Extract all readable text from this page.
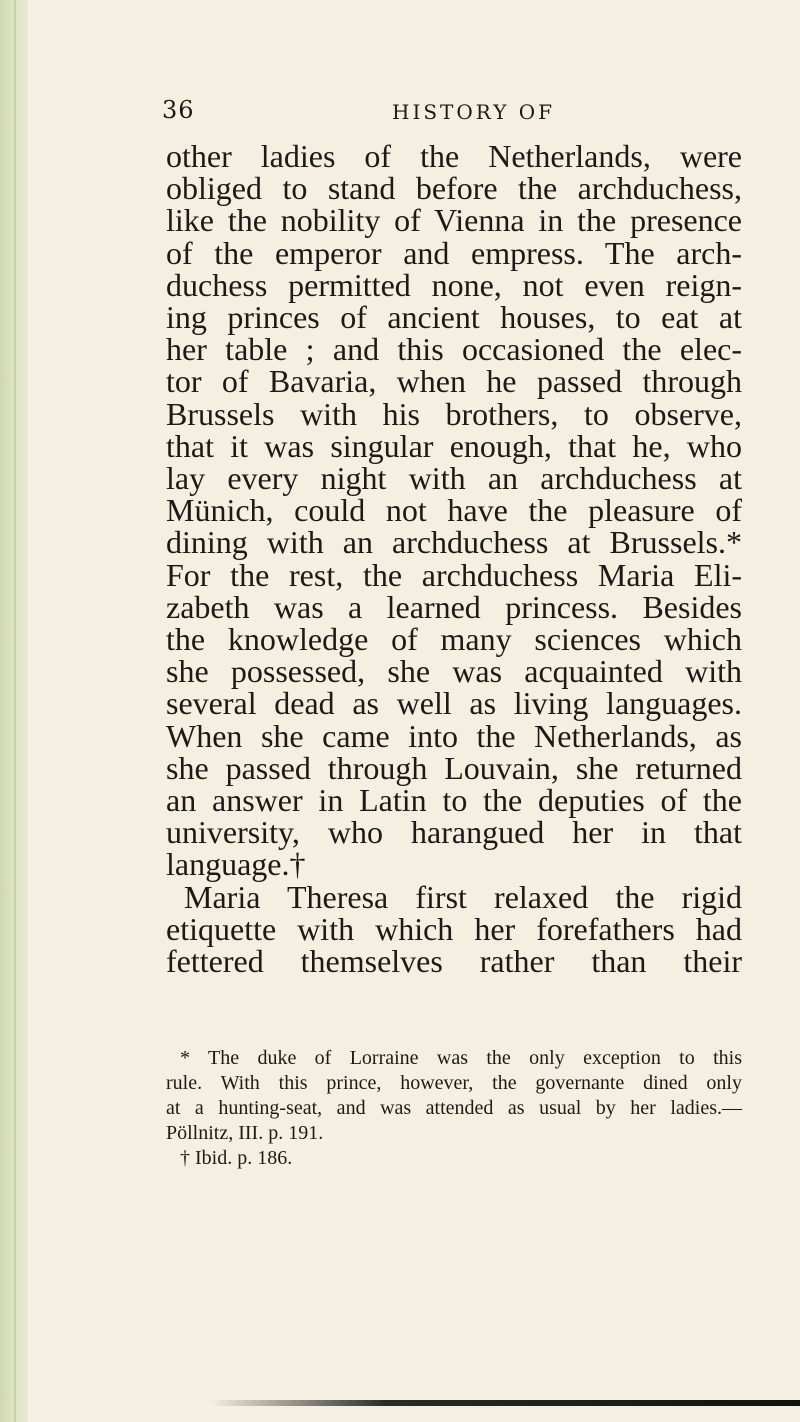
36	HISTORY OF
other ladies of the Netherlands, were
obliged to stand before the archduchess,
like the nobility of Vienna in the presence
of the emperor and empress. The arch-
duchess permitted none, not even reign-
ing princes of ancient houses, to eat at
her table ; and this occasioned the elec-
tor of Bavaria, when he passed through
Brussels with his brothers, to observe,
that it was singular enough, that he, who
lay every night with an archduchess at
Münich, could not have the pleasure of
dining with an archduchess at Brussels.*
For the rest, the archduchess Maria Eli-
zabeth was a learned princess. Besides
the knowledge of many sciences which
she possessed, she was acquainted with
several dead as well as living languages.
When she came into the Netherlands, as
she passed through Louvain, she returned
an answer in Latin to the deputies of the
university, who harangued her in that
language.†
Maria Theresa first relaxed the rigid
etiquette with which her forefathers had
fettered themselves rather than their
* The duke of Lorraine was the only exception to this
rule. With this prince, however, the governante dined only
at a hunting-seat, and was attended as usual by her ladies.—
Pöllnitz, III. p. 191.
† Ibid. p. 186.
